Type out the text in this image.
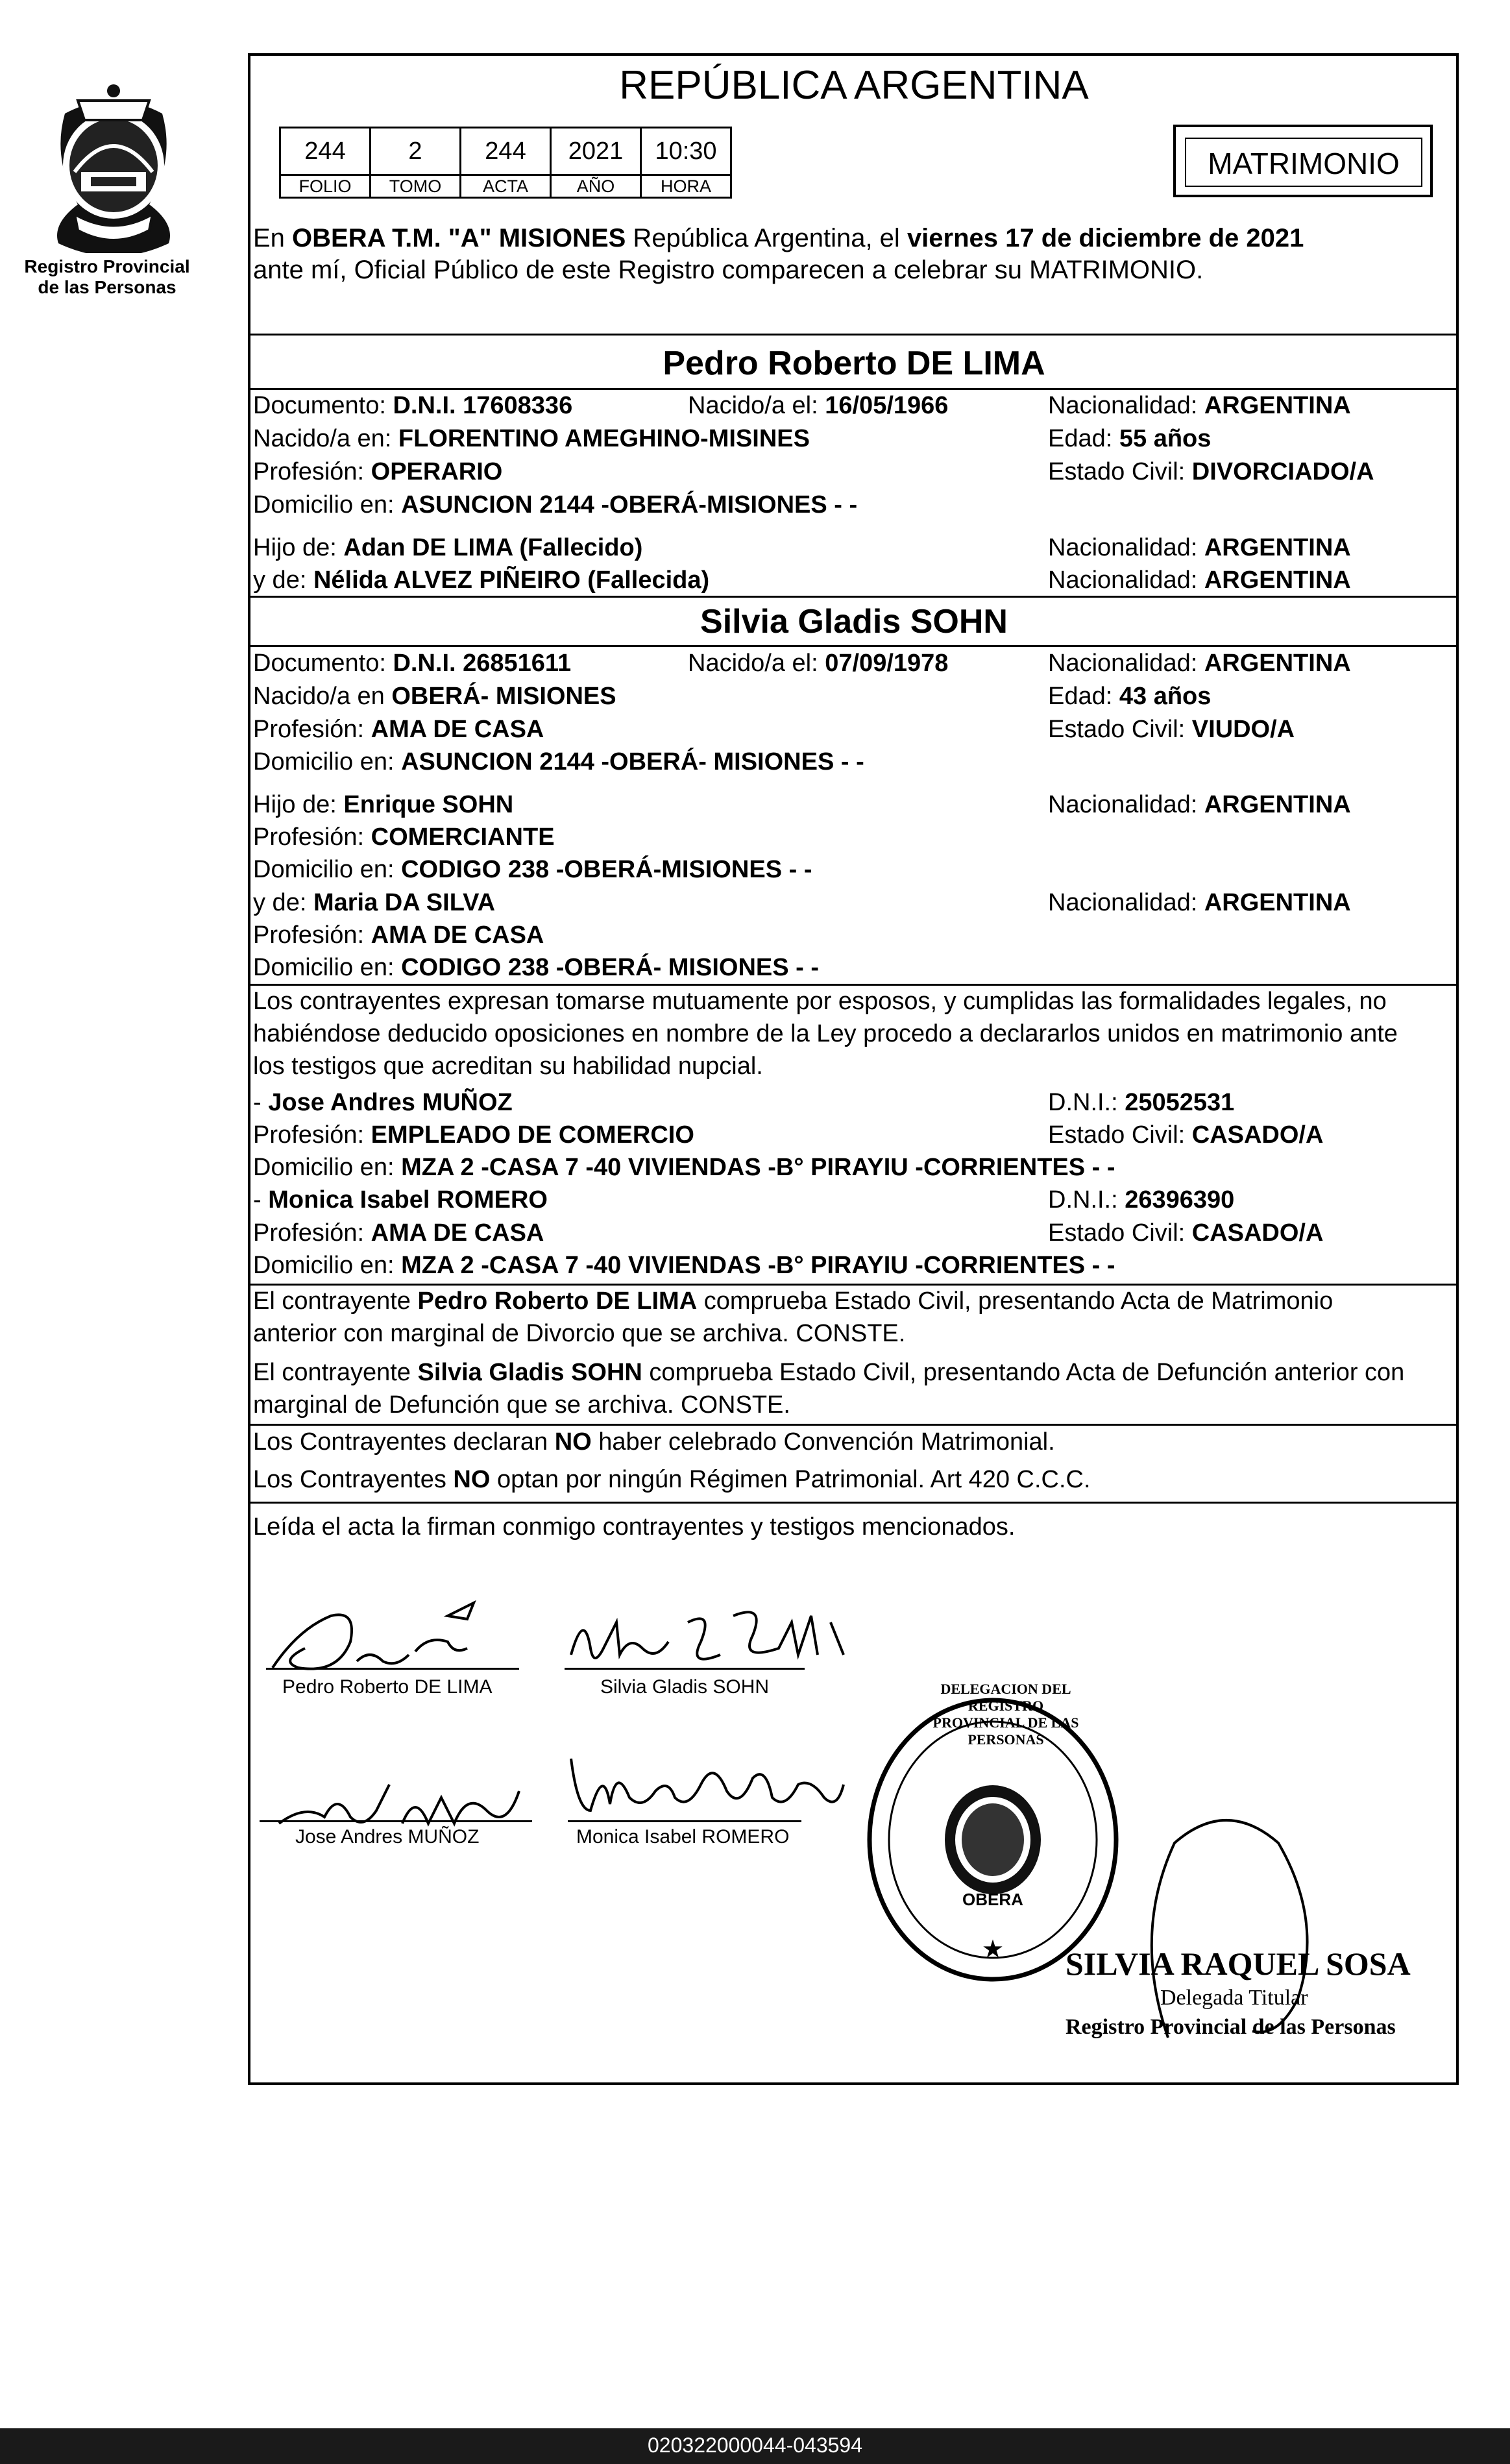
Registro Provincial
de las Personas
REPÚBLICA ARGENTINA
244	2	244	2021	10:30
FOLIO	TOMO	ACTA	AÑO	HORA
MATRIMONIO
En OBERA T.M. "A" MISIONES República Argentina, el viernes 17 de diciembre de 2021
ante mí, Oficial Público de este Registro comparecen a celebrar su MATRIMONIO.
Pedro Roberto DE LIMA
Documento: D.N.I. 17608336	Nacido/a el: 16/05/1966	Nacionalidad: ARGENTINA
Nacido/a en: FLORENTINO AMEGHINO-MISINES	Edad: 55 años
Profesión: OPERARIO	Estado Civil: DIVORCIADO/A
Domicilio en: ASUNCION 2144 -OBERÁ-MISIONES - -
Hijo de: Adan DE LIMA (Fallecido)	Nacionalidad: ARGENTINA
y de: Nélida ALVEZ PIÑEIRO (Fallecida)	Nacionalidad: ARGENTINA
Silvia Gladis SOHN
Documento: D.N.I. 26851611	Nacido/a el: 07/09/1978	Nacionalidad: ARGENTINA
Nacido/a en OBERÁ- MISIONES	Edad: 43 años
Profesión: AMA DE CASA	Estado Civil: VIUDO/A
Domicilio en: ASUNCION 2144 -OBERÁ- MISIONES - -
Hijo de: Enrique SOHN	Nacionalidad: ARGENTINA
Profesión: COMERCIANTE
Domicilio en: CODIGO 238 -OBERÁ-MISIONES - -
y de: Maria DA SILVA	Nacionalidad: ARGENTINA
Profesión: AMA DE CASA
Domicilio en: CODIGO 238 -OBERÁ- MISIONES - -
Los contrayentes expresan tomarse mutuamente por esposos, y cumplidas las formalidades legales, no
habiéndose deducido oposiciones en nombre de la Ley procedo a declararlos unidos en matrimonio ante
los testigos que acreditan su habilidad nupcial.
- Jose Andres MUÑOZ	D.N.I.: 25052531
Profesión: EMPLEADO DE COMERCIO	Estado Civil: CASADO/A
Domicilio en: MZA 2 -CASA 7 -40 VIVIENDAS -B° PIRAYIU -CORRIENTES - -
- Monica Isabel ROMERO	D.N.I.: 26396390
Profesión: AMA DE CASA	Estado Civil: CASADO/A
Domicilio en: MZA 2 -CASA 7 -40 VIVIENDAS -B° PIRAYIU -CORRIENTES - -
El contrayente Pedro Roberto DE LIMA comprueba Estado Civil, presentando Acta de Matrimonio
anterior con marginal de Divorcio que se archiva. CONSTE.
El contrayente Silvia Gladis SOHN comprueba Estado Civil, presentando Acta de Defunción anterior con
marginal de Defunción que se archiva. CONSTE.
Los Contrayentes declaran NO haber celebrado Convención Matrimonial.
Los Contrayentes NO optan por ningún Régimen Patrimonial. Art 420 C.C.C.
Leída el acta la firman conmigo contrayentes y testigos mencionados.
Pedro Roberto DE LIMA	Silvia Gladis SOHN
Jose Andres MUÑOZ	Monica Isabel ROMERO
★
DELEGACION DEL REGISTRO PROVINCIAL DE LAS PERSONAS
OBERA
SILVIA RAQUEL SOSA
Delegada Titular
Registro Provincial de las Personas
020322000044-043594
